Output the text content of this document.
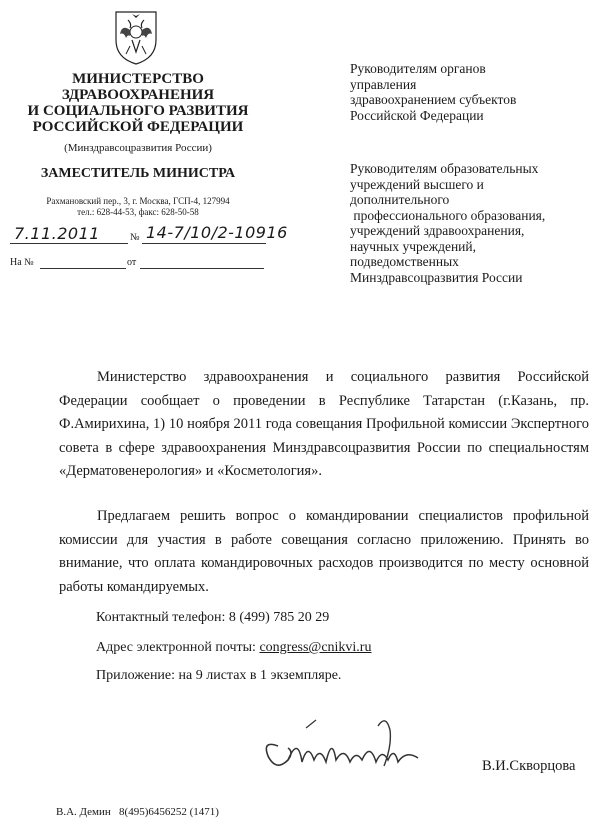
МИНИСТЕРСТВО
ЗДРАВООХРАНЕНИЯ
И СОЦИАЛЬНОГО РАЗВИТИЯ
РОССИЙСКОЙ ФЕДЕРАЦИИ
(Минздравсоцразвития России)
ЗАМЕСТИТЕЛЬ МИНИСТРА
Рахмановский пер., 3, г. Москва, ГСП-4, 127994
тел.: 628-44-53, факс: 628-50-58
7.11.2011	№ 14-7/10/2-10916
На №	от
Руководителям органов
управления
здравоохранением субъектов
Российской Федерации
Руководителям образовательных
учреждений высшего и
дополнительного
профессионального образования,
учреждений здравоохранения,
научных учреждений,
подведомственных
Минздравсоцразвития России
Министерство здравоохранения и социального развития Российской Федерации сообщает о проведении в Республике Татарстан (г.Казань, пр. Ф.Амирихина, 1) 10 ноября 2011 года совещания Профильной комиссии Экспертного совета в сфере здравоохранения Минздравсоцразвития России по специальностям «Дерматовенерология» и «Косметология».
Предлагаем решить вопрос о командировании специалистов профильной комиссии для участия в работе совещания согласно приложению. Принять во внимание, что оплата командировочных расходов производится по месту основной работы командируемых.
Контактный телефон: 8 (499) 785 20 29
Адрес электронной почты: congress@cnikvi.ru
Приложение: на 9 листах в 1 экземпляре.
В.И.Скворцова
В.А. Демин   8(495)6456252 (1471)
